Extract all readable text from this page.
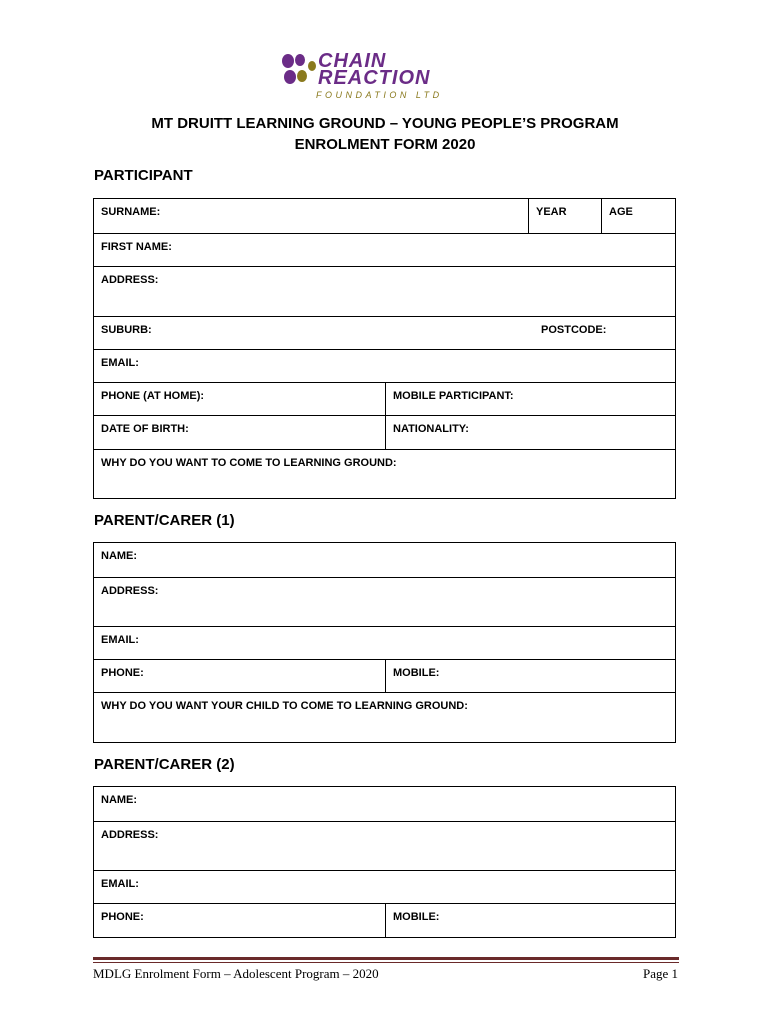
CHAIN
REACTION
FOUNDATION LTD
MT DRUITT LEARNING GROUND – YOUNG PEOPLE’S PROGRAM
ENROLMENT FORM 2020
PARTICIPANT
SURNAME:	YEAR	AGE
FIRST NAME:
ADDRESS:
SUBURB:	POSTCODE:
EMAIL:
PHONE (AT HOME):	MOBILE PARTICIPANT:
DATE OF BIRTH:	NATIONALITY:
WHY DO YOU WANT TO COME TO LEARNING GROUND:
PARENT/CARER (1)
NAME:
ADDRESS:
EMAIL:
PHONE:	MOBILE:
WHY DO YOU WANT YOUR CHILD TO COME TO LEARNING GROUND:
PARENT/CARER (2)
NAME:
ADDRESS:
EMAIL:
PHONE:	MOBILE:
MDLG Enrolment Form – Adolescent Program – 2020	Page 1
